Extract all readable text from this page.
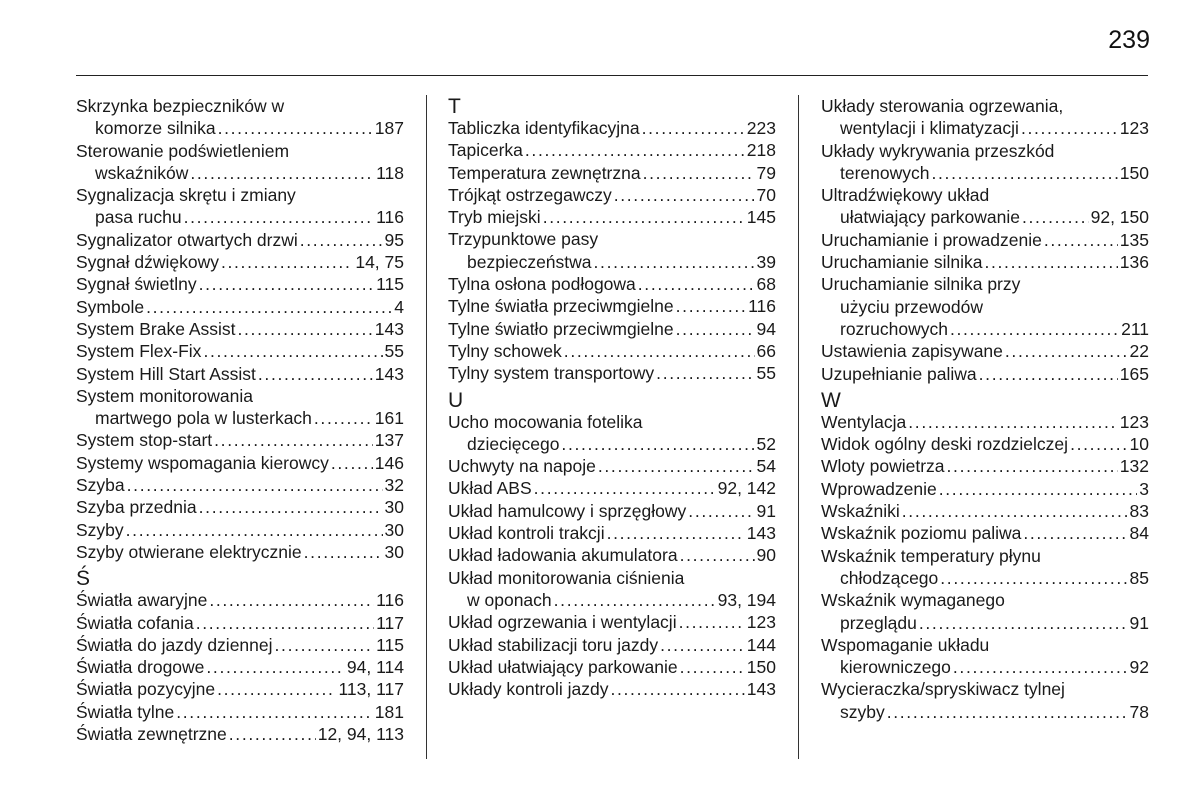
239
Skrzynka bezpieczników w
komorze silnika . . .	187
Sterowanie podświetleniem
wskaźników . . .	118
Sygnalizacja skrętu i zmiany
pasa ruchu . . .	116
Sygnalizator otwartych drzwi . . .	95
Sygnał dźwiękowy . . .	14, 75
Sygnał świetlny . . .	115
Symbole . . .	4
System Brake Assist . . .	143
System Flex-Fix . . .	55
System Hill Start Assist . . .	143
System monitorowania
martwego pola w lusterkach . . .	161
System stop-start . . .	137
Systemy wspomagania kierowcy . . .	146
Szyba . . .	32
Szyba przednia . . .	30
Szyby . . .	30
Szyby otwierane elektrycznie . . .	30
Ś
Światła awaryjne . . .	116
Światła cofania . . .	117
Światła do jazdy dziennej . . .	115
Światła drogowe . . .	94, 114
Światła pozycyjne . . .	113, 117
Światła tylne . . .	181
Światła zewnętrzne . . .	12, 94, 113
T
Tabliczka identyfikacyjna . . .	223
Tapicerka . . .	218
Temperatura zewnętrzna . . .	79
Trójkąt ostrzegawczy . . .	70
Tryb miejski . . .	145
Trzypunktowe pasy
bezpieczeństwa . . .	39
Tylna osłona podłogowa . . .	68
Tylne światła przeciwmgielne . . .	116
Tylne światło przeciwmgielne . . .	94
Tylny schowek . . .	66
Tylny system transportowy . . .	55
U
Ucho mocowania fotelika
dziecięcego . . .	52
Uchwyty na napoje . . .	54
Układ ABS . . .	92, 142
Układ hamulcowy i sprzęgłowy . . .	91
Układ kontroli trakcji . . .	143
Układ ładowania akumulatora . . .	90
Układ monitorowania ciśnienia
w oponach . . .	93, 194
Układ ogrzewania i wentylacji . . .	123
Układ stabilizacji toru jazdy . . .	144
Układ ułatwiający parkowanie . . .	150
Układy kontroli jazdy . . .	143
Układy sterowania ogrzewania,
wentylacji i klimatyzacji . . .	123
Układy wykrywania przeszkód
terenowych . . .	150
Ultradźwiękowy układ
ułatwiający parkowanie . . .	92, 150
Uruchamianie i prowadzenie . . .	135
Uruchamianie silnika . . .	136
Uruchamianie silnika przy
użyciu przewodów
rozruchowych . . .	211
Ustawienia zapisywane . . .	22
Uzupełnianie paliwa . . .	165
W
Wentylacja . . .	123
Widok ogólny deski rozdzielczej . . .	10
Wloty powietrza . . .	132
Wprowadzenie . . .	3
Wskaźniki . . .	83
Wskaźnik poziomu paliwa . . .	84
Wskaźnik temperatury płynu
chłodzącego . . .	85
Wskaźnik wymaganego
przeglądu . . .	91
Wspomaganie układu
kierowniczego . . .	92
Wycieraczka/spryskiwacz tylnej
szyby . . .	78
